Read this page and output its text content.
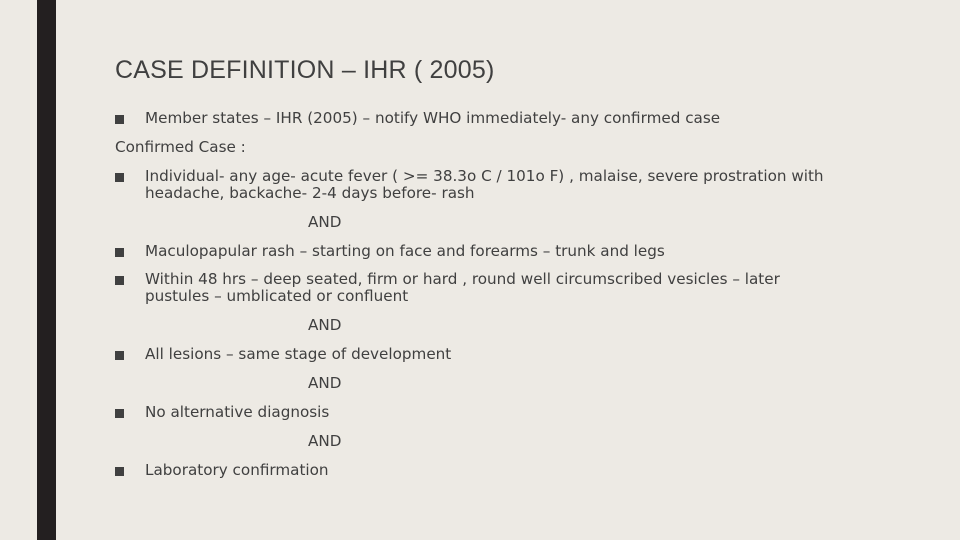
CASE DEFINITION – IHR ( 2005)
Member states – IHR (2005) – notify WHO immediately- any confirmed case
Confirmed Case :
Individual- any age- acute fever ( >= 38.3o C / 101o F) , malaise, severe prostration with
headache, backache- 2-4 days before- rash
AND
Maculopapular rash – starting on face and forearms – trunk and legs
Within 48 hrs – deep seated, firm or hard , round well circumscribed vesicles – later
pustules – umblicated or confluent
AND
All lesions – same stage of development
AND
No alternative diagnosis
AND
Laboratory confirmation
